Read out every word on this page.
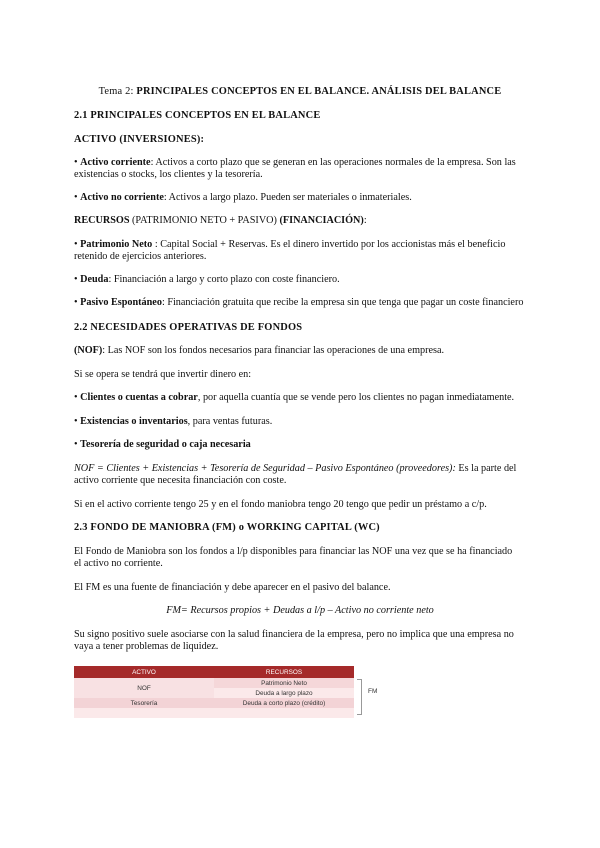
Tema 2: PRINCIPALES CONCEPTOS EN EL BALANCE. ANÁLISIS DEL BALANCE
2.1 PRINCIPALES CONCEPTOS EN EL BALANCE
ACTIVO (INVERSIONES):
• Activo corriente: Activos a corto plazo que se generan en las operaciones normales de la empresa. Son las existencias o stocks, los clientes y la tesorería.
• Activo no corriente: Activos a largo plazo. Pueden ser materiales o inmateriales.
RECURSOS (PATRIMONIO NETO + PASIVO) (FINANCIACIÓN):
• Patrimonio Neto : Capital Social + Reservas. Es el dinero invertido por los accionistas más el beneficio retenido de ejercicios anteriores.
• Deuda: Financiación a largo y corto plazo con coste financiero.
• Pasivo Espontáneo: Financiación gratuita que recibe la empresa sin que tenga que pagar un coste financiero
2.2 NECESIDADES OPERATIVAS DE FONDOS
(NOF): Las NOF son los fondos necesarios para financiar las operaciones de una empresa.
Si se opera se tendrá que invertir dinero en:
• Clientes o cuentas a cobrar, por aquella cuantía que se vende pero los clientes no pagan inmediatamente.
• Existencias o inventarios, para ventas futuras.
• Tesorería de seguridad o caja necesaria
NOF = Clientes + Existencias + Tesorería de Seguridad – Pasivo Espontáneo (proveedores): Es la parte del activo corriente que necesita financiación con coste.
Si en el activo corriente tengo 25 y en el fondo maniobra tengo 20 tengo que pedir un préstamo a c/p.
2.3 FONDO DE MANIOBRA (FM) o WORKING CAPITAL (WC)
El Fondo de Maniobra son los fondos a l/p disponibles para financiar las NOF una vez que se ha financiado el activo no corriente.
El FM es una fuente de financiación y debe aparecer en el pasivo del balance.
FM= Recursos propios + Deudas a l/p – Activo no corriente neto
Su signo positivo suele asociarse con la salud financiera de la empresa, pero no implica que una empresa no vaya a tener problemas de liquidez.
ACTIVO	RECURSOS
NOF	Patrimonio Neto
	Deuda a largo plazo
Tesorería	Deuda a corto plazo (crédito)

FM
